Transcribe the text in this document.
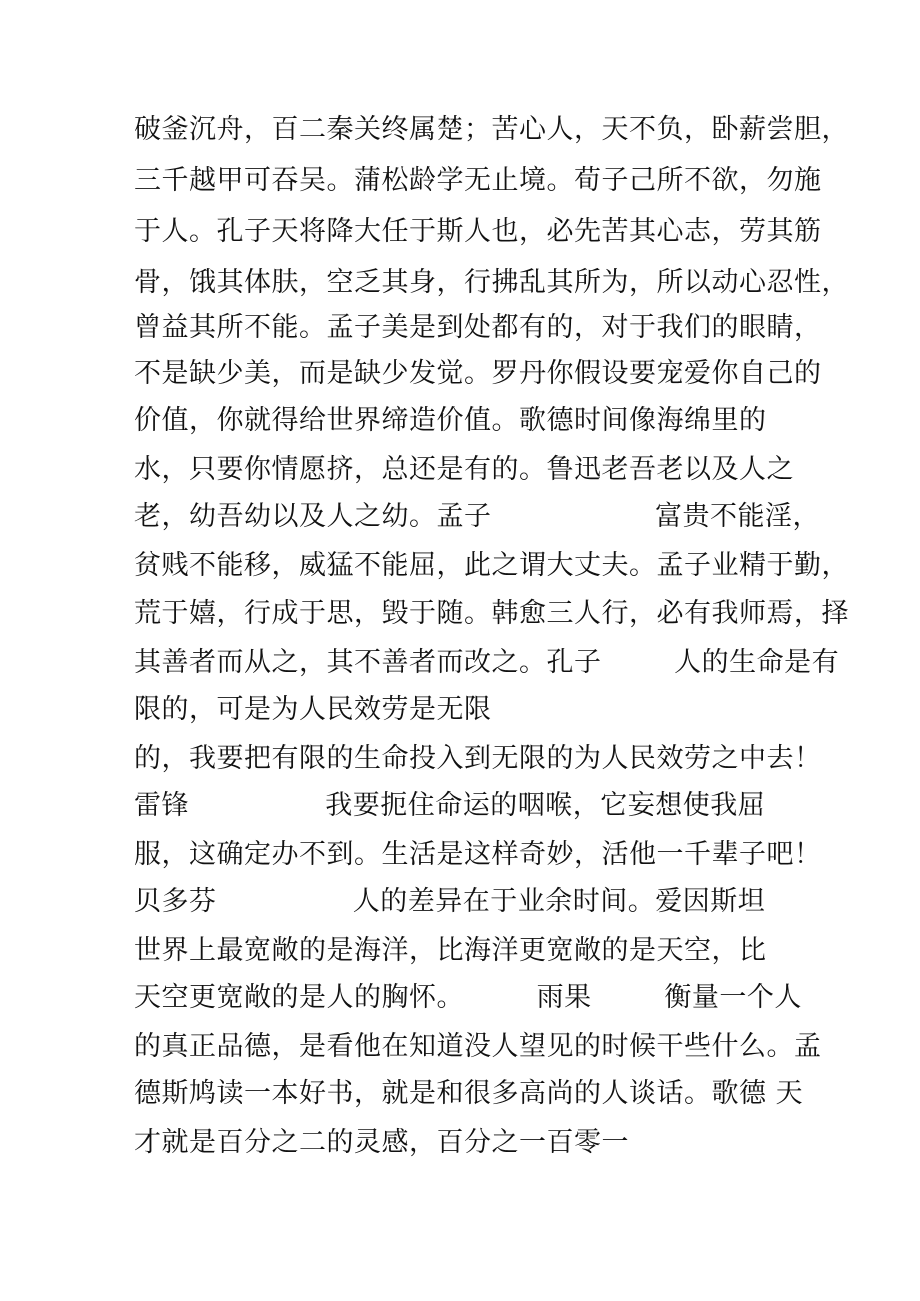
破釜沉舟，百二秦关终属楚；苦心人，天不负，卧薪尝胆，
三千越甲可吞吴。蒲松龄学无止境。荀子己所不欲，勿施
于人。孔子天将降大任于斯人也，必先苦其心志，劳其筋
骨，饿其体肤，空乏其身，行拂乱其所为，所以动心忍性，
曾益其所不能。孟子美是到处都有的，对于我们的眼睛，
不是缺少美，而是缺少发觉。罗丹你假设要宠爱你自己的
价值，你就得给世界缔造价值。歌德时间像海绵里的
水，只要你情愿挤，总还是有的。鲁迅老吾老以及人之
老，幼吾幼以及人之幼。孟子                  富贵不能淫，
贫贱不能移，威猛不能屈，此之谓大丈夫。孟子业精于勤，
荒于嬉，行成于思，毁于随。韩愈三人行，必有我师焉，择
其善者而从之，其不善者而改之。孔子        人的生命是有
限的，可是为人民效劳是无限
的，我要把有限的生命投入到无限的为人民效劳之中去！
雷锋               我要扼住命运的咽喉，它妄想使我屈
服，这确定办不到。生活是这样奇妙，活他一千辈子吧！
贝多芬               人的差异在于业余时间。爱因斯坦
世界上最宽敞的是海洋，比海洋更宽敞的是天空，比
天空更宽敞的是人的胸怀。        雨果        衡量一个人
的真正品德，是看他在知道没人望见的时候干些什么。孟
德斯鸠读一本好书，就是和很多高尚的人谈话。歌德 天
才就是百分之二的灵感，百分之一百零一
